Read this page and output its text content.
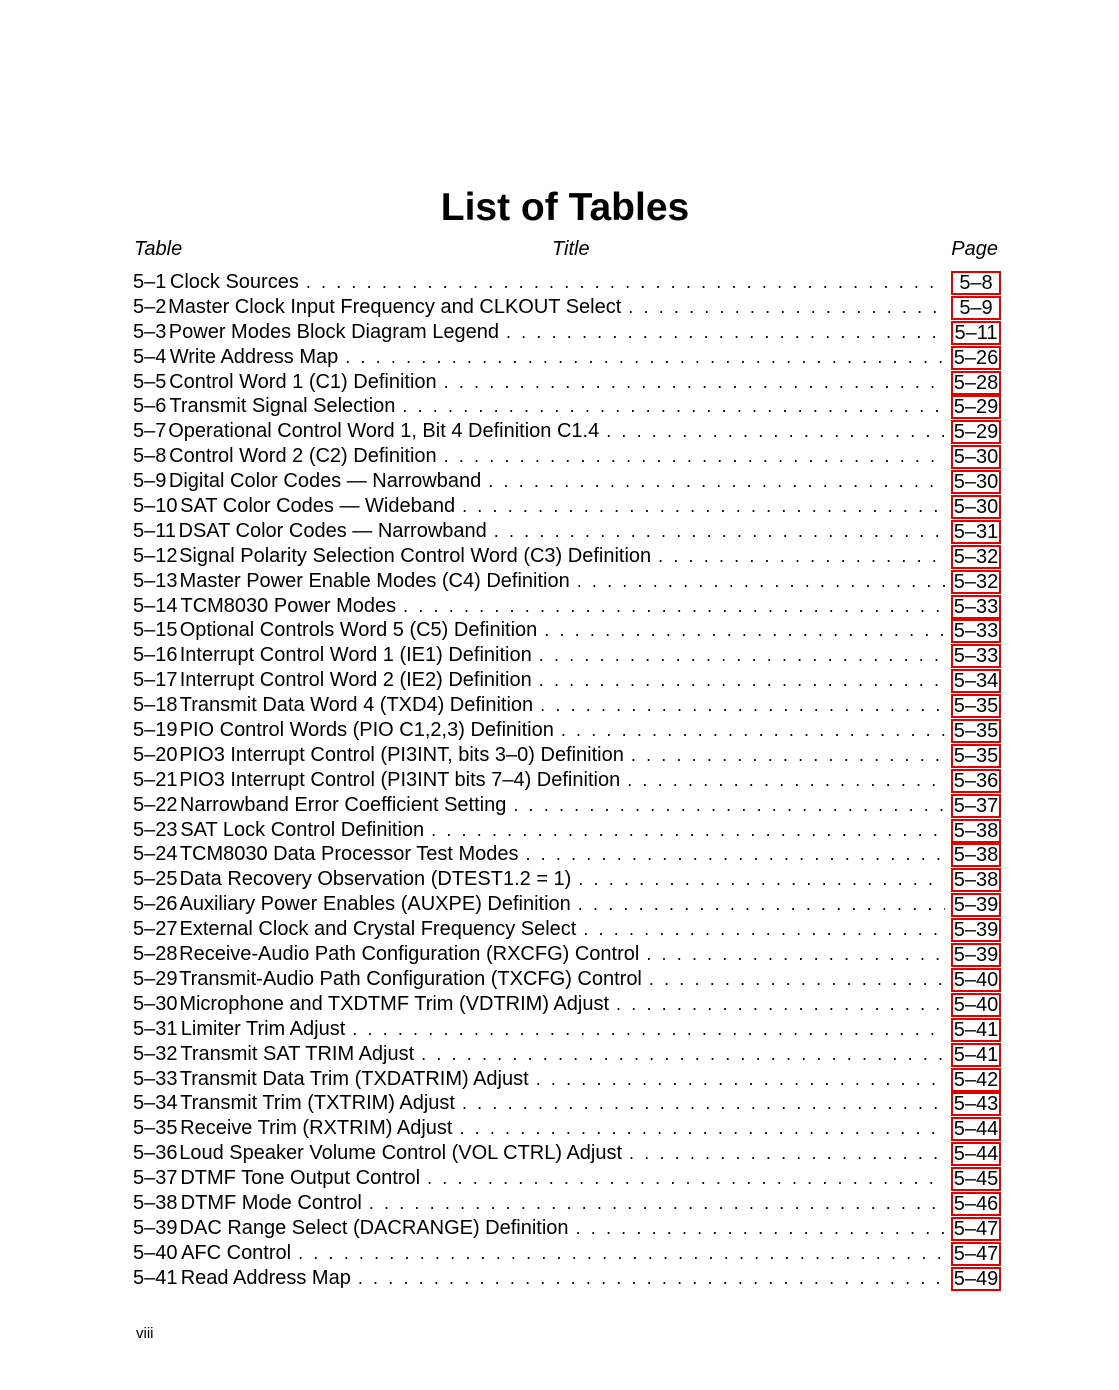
List of Tables
Table	Title	Page
5–1 Clock Sources . . .	5–8
5–2 Master Clock Input Frequency and CLKOUT Select . . .	5–9
5–3 Power Modes Block Diagram Legend . . .	5–11
5–4 Write Address Map . . .	5–26
5–5 Control Word 1 (C1) Definition . . .	5–28
5–6 Transmit Signal Selection . . .	5–29
5–7 Operational Control Word 1, Bit 4 Definition C1.4 . . .	5–29
5–8 Control Word 2 (C2) Definition . . .	5–30
5–9 Digital Color Codes — Narrowband . . .	5–30
5–10 SAT Color Codes — Wideband . . .	5–30
5–11 DSAT Color Codes — Narrowband . . .	5–31
5–12 Signal Polarity Selection Control Word (C3) Definition . . .	5–32
5–13 Master Power Enable Modes (C4) Definition . . .	5–32
5–14 TCM8030 Power Modes . . .	5–33
5–15 Optional Controls Word 5 (C5) Definition . . .	5–33
5–16 Interrupt Control Word 1 (IE1) Definition . . .	5–33
5–17 Interrupt Control Word 2 (IE2) Definition . . .	5–34
5–18 Transmit Data Word 4 (TXD4) Definition . . .	5–35
5–19 PIO Control Words (PIO C1,2,3) Definition . . .	5–35
5–20 PIO3 Interrupt Control (PI3INT, bits 3–0) Definition . . .	5–35
5–21 PIO3 Interrupt Control (PI3INT bits 7–4) Definition . . .	5–36
5–22 Narrowband Error Coefficient Setting . . .	5–37
5–23 SAT Lock Control Definition . . .	5–38
5–24 TCM8030 Data Processor Test Modes . . .	5–38
5–25 Data Recovery Observation (DTEST1.2 = 1) . . .	5–38
5–26 Auxiliary Power Enables (AUXPE) Definition . . .	5–39
5–27 External Clock and Crystal Frequency Select . . .	5–39
5–28 Receive-Audio Path Configuration (RXCFG) Control . . .	5–39
5–29 Transmit-Audio Path Configuration (TXCFG) Control . . .	5–40
5–30 Microphone and TXDTMF Trim (VDTRIM) Adjust . . .	5–40
5–31 Limiter Trim Adjust . . .	5–41
5–32 Transmit SAT TRIM Adjust . . .	5–41
5–33 Transmit Data Trim (TXDATRIM) Adjust . . .	5–42
5–34 Transmit Trim (TXTRIM) Adjust . . .	5–43
5–35 Receive Trim (RXTRIM) Adjust . . .	5–44
5–36 Loud Speaker Volume Control (VOL CTRL) Adjust . . .	5–44
5–37 DTMF Tone Output Control . . .	5–45
5–38 DTMF Mode Control . . .	5–46
5–39 DAC Range Select (DACRANGE) Definition . . .	5–47
5–40 AFC Control . . .	5–47
5–41 Read Address Map . . .	5–49
viii
